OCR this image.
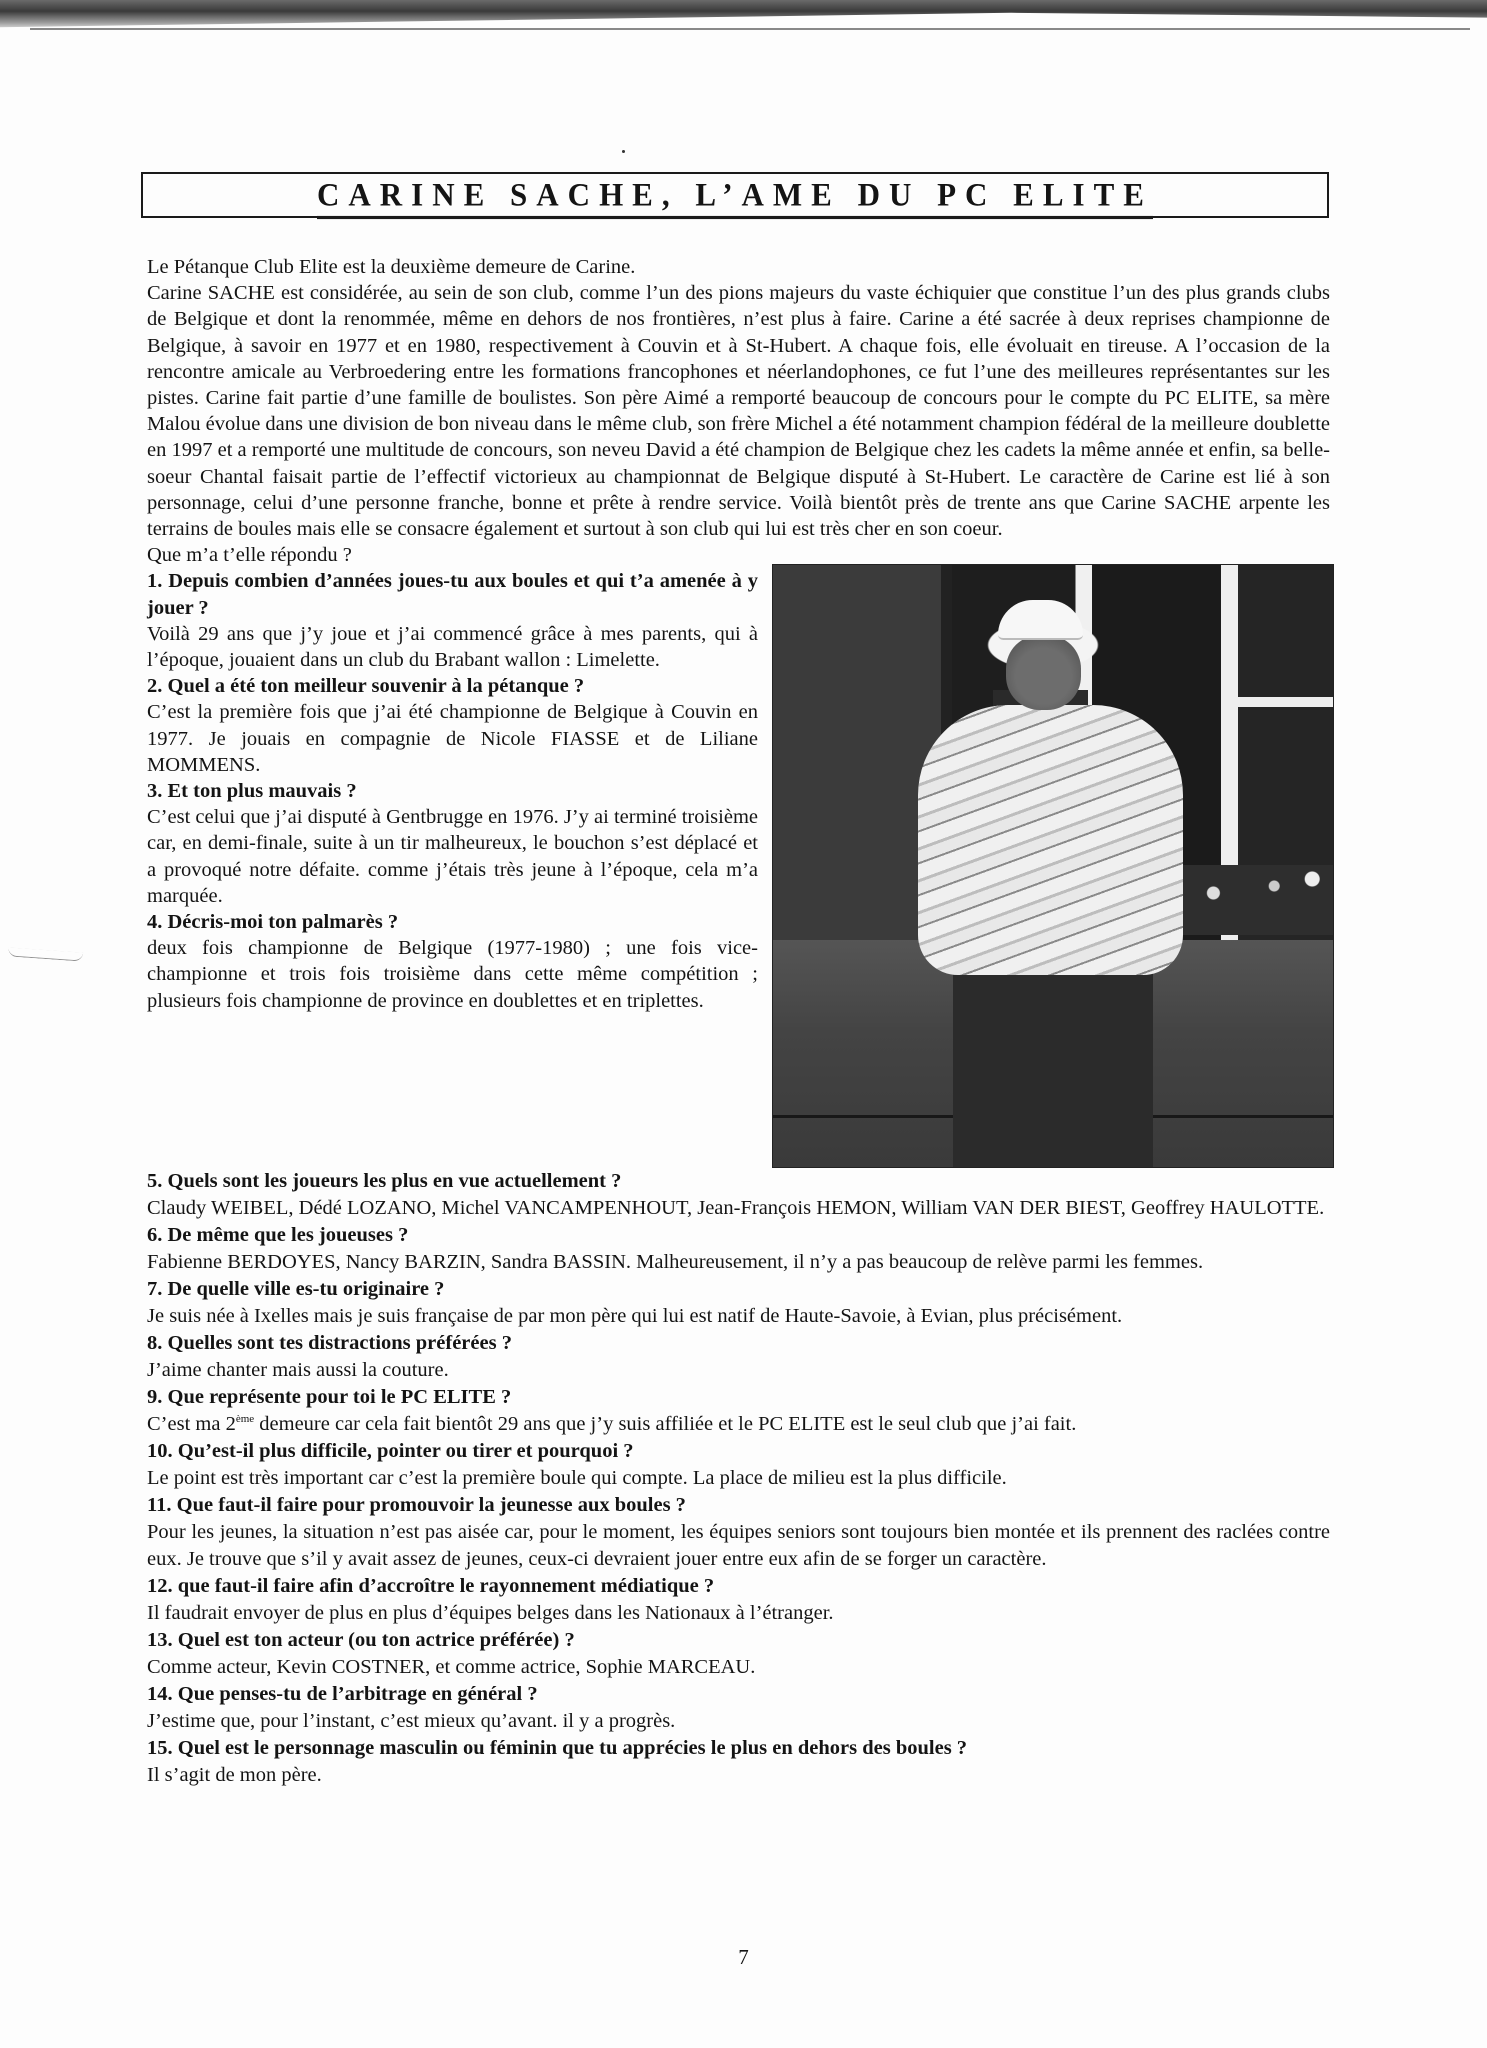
CARINE SACHE, L’AME DU PC ELITE

Le Pétanque Club Elite est la deuxième demeure de Carine.

Carine SACHE est considérée, au sein de son club, comme l’un des pions majeurs du vaste échiquier que constitue l’un des plus grands clubs de Belgique et dont la renommée, même en dehors de nos frontières, n’est plus à faire. Carine a été sacrée à deux reprises championne de Belgique, à savoir en 1977 et en 1980, respectivement à Couvin et à St-Hubert. A chaque fois, elle évoluait en tireuse. A l’occasion de la rencontre amicale au Verbroedering entre les formations francophones et néerlandophones, ce fut l’une des meilleures représentantes sur les pistes. Carine fait partie d’une famille de boulistes. Son père Aimé a remporté beaucoup de concours pour le compte du PC ELITE, sa mère Malou évolue dans une division de bon niveau dans le même club, son frère Michel a été notamment champion fédéral de la meilleure doublette en 1997 et a remporté une multitude de concours, son neveu David a été champion de Belgique chez les cadets la même année et enfin, sa belle-soeur Chantal faisait partie de l’effectif victorieux au championnat de Belgique disputé à St-Hubert. Le caractère de Carine est lié à son personnage, celui d’une personne franche, bonne et prête à rendre service. Voilà bientôt près de trente ans que Carine SACHE arpente les terrains de boules mais elle se consacre également et surtout à son club qui lui est très cher en son coeur.

Que m’a t’elle répondu ?

1. Depuis combien d’années joues-tu aux boules et qui t’a amenée à y jouer ?

Voilà 29 ans que j’y joue et j’ai commencé grâce à mes parents, qui à l’époque, jouaient dans un club du Brabant wallon : Limelette.

2. Quel a été ton meilleur souvenir à la pétanque ?

C’est la première fois que j’ai été championne de Belgique à Couvin en 1977. Je jouais en compagnie de Nicole FIASSE et de Liliane MOMMENS.

3. Et ton plus mauvais ?

C’est celui que j’ai disputé à Gentbrugge en 1976. J’y ai terminé troisième car, en demi-finale, suite à un tir malheureux, le bouchon s’est déplacé et a provoqué notre défaite. comme j’étais très jeune à l’époque, cela m’a marquée.

4. Décris-moi ton palmarès ?

deux fois championne de Belgique (1977-1980) ; une fois vice-championne et trois fois troisième dans cette même compétition ; plusieurs fois championne de province en doublettes et en triplettes.

5. Quels sont les joueurs les plus en vue actuellement ?

Claudy WEIBEL, Dédé LOZANO, Michel VANCAMPENHOUT, Jean-François HEMON, William VAN DER BIEST, Geoffrey HAULOTTE.

6. De même que les joueuses ?

Fabienne BERDOYES, Nancy BARZIN, Sandra BASSIN. Malheureusement, il n’y a pas beaucoup de relève parmi les femmes.

7. De quelle ville es-tu originaire ?

Je suis née à Ixelles mais je suis française de par mon père qui lui est natif de Haute-Savoie, à Evian, plus précisément.

8. Quelles sont tes distractions préférées ?

J’aime chanter mais aussi la couture.

9. Que représente pour toi le PC ELITE ?

C’est ma 2ème demeure car cela fait bientôt 29 ans que j’y suis affiliée et le PC ELITE est le seul club que j’ai fait.

10. Qu’est-il plus difficile, pointer ou tirer et pourquoi ?

Le point est très important car c’est la première boule qui compte. La place de milieu est la plus difficile.

11. Que faut-il faire pour promouvoir la jeunesse aux boules ?

Pour les jeunes, la situation n’est pas aisée car, pour le moment, les équipes seniors sont toujours bien montée et ils prennent des raclées contre eux. Je trouve que s’il y avait assez de jeunes, ceux-ci devraient jouer entre eux afin de se forger un caractère.

12. que faut-il faire afin d’accroître le rayonnement médiatique ?

Il faudrait envoyer de plus en plus d’équipes belges dans les Nationaux à l’étranger.

13. Quel est ton acteur (ou ton actrice préférée) ?

Comme acteur, Kevin COSTNER, et comme actrice, Sophie MARCEAU.

14. Que penses-tu de l’arbitrage en général ?

J’estime que, pour l’instant, c’est mieux qu’avant. il y a progrès.

15. Quel est le personnage masculin ou féminin que tu apprécies le plus en dehors des boules ?

Il s’agit de mon père.

7
